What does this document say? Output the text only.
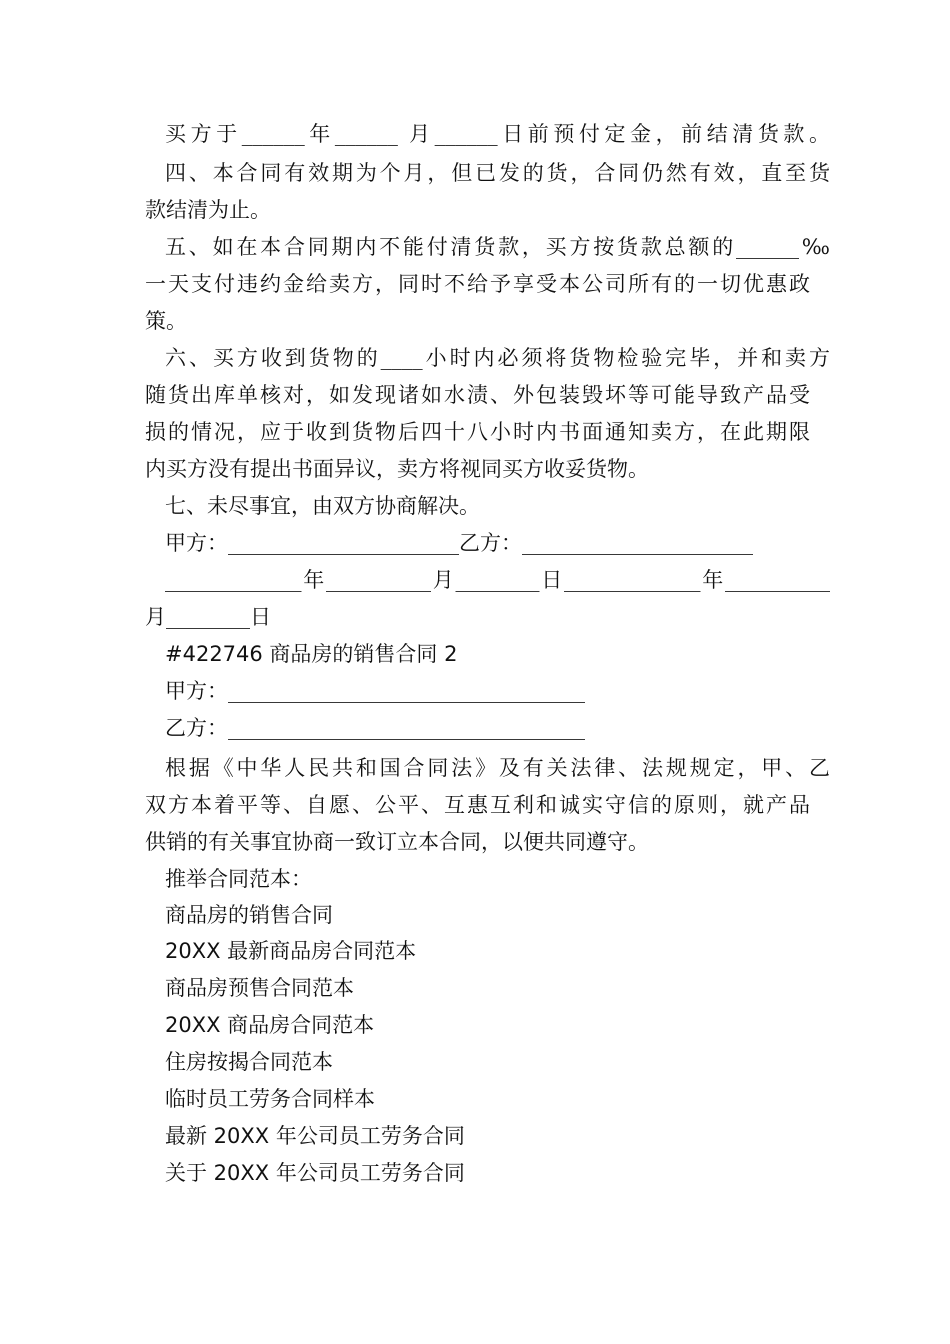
买方于______年______ 月______日前预付定金，前结清货款。
四、本合同有效期为个月，但已发的货，合同仍然有效，直至货
款结清为止。
五、如在本合同期内不能付清货款，买方按货款总额的______‰
一天支付违约金给卖方，同时不给予享受本公司所有的一切优惠政
策。
六、买方收到货物的____小时内必须将货物检验完毕，并和卖方
随货出库单核对，如发现诸如水渍、外包装毁坏等可能导致产品受
损的情况，应于收到货物后四十八小时内书面通知卖方，在此期限
内买方没有提出书面异议，卖方将视同买方收妥货物。
七、未尽事宜，由双方协商解决。
甲方：______________________乙方：______________________
_____________年__________月________日_____________年__________
月________日
#422746 商品房的销售合同 2
甲方：__________________________________
乙方：__________________________________
根据《中华人民共和国合同法》及有关法律、法规规定，甲、乙
双方本着平等、自愿、公平、互惠互利和诚实守信的原则，就产品
供销的有关事宜协商一致订立本合同，以便共同遵守。
推举合同范本：
商品房的销售合同
20XX 最新商品房合同范本
商品房预售合同范本
20XX 商品房合同范本
住房按揭合同范本
临时员工劳务合同样本
最新 20XX 年公司员工劳务合同
关于 20XX 年公司员工劳务合同
